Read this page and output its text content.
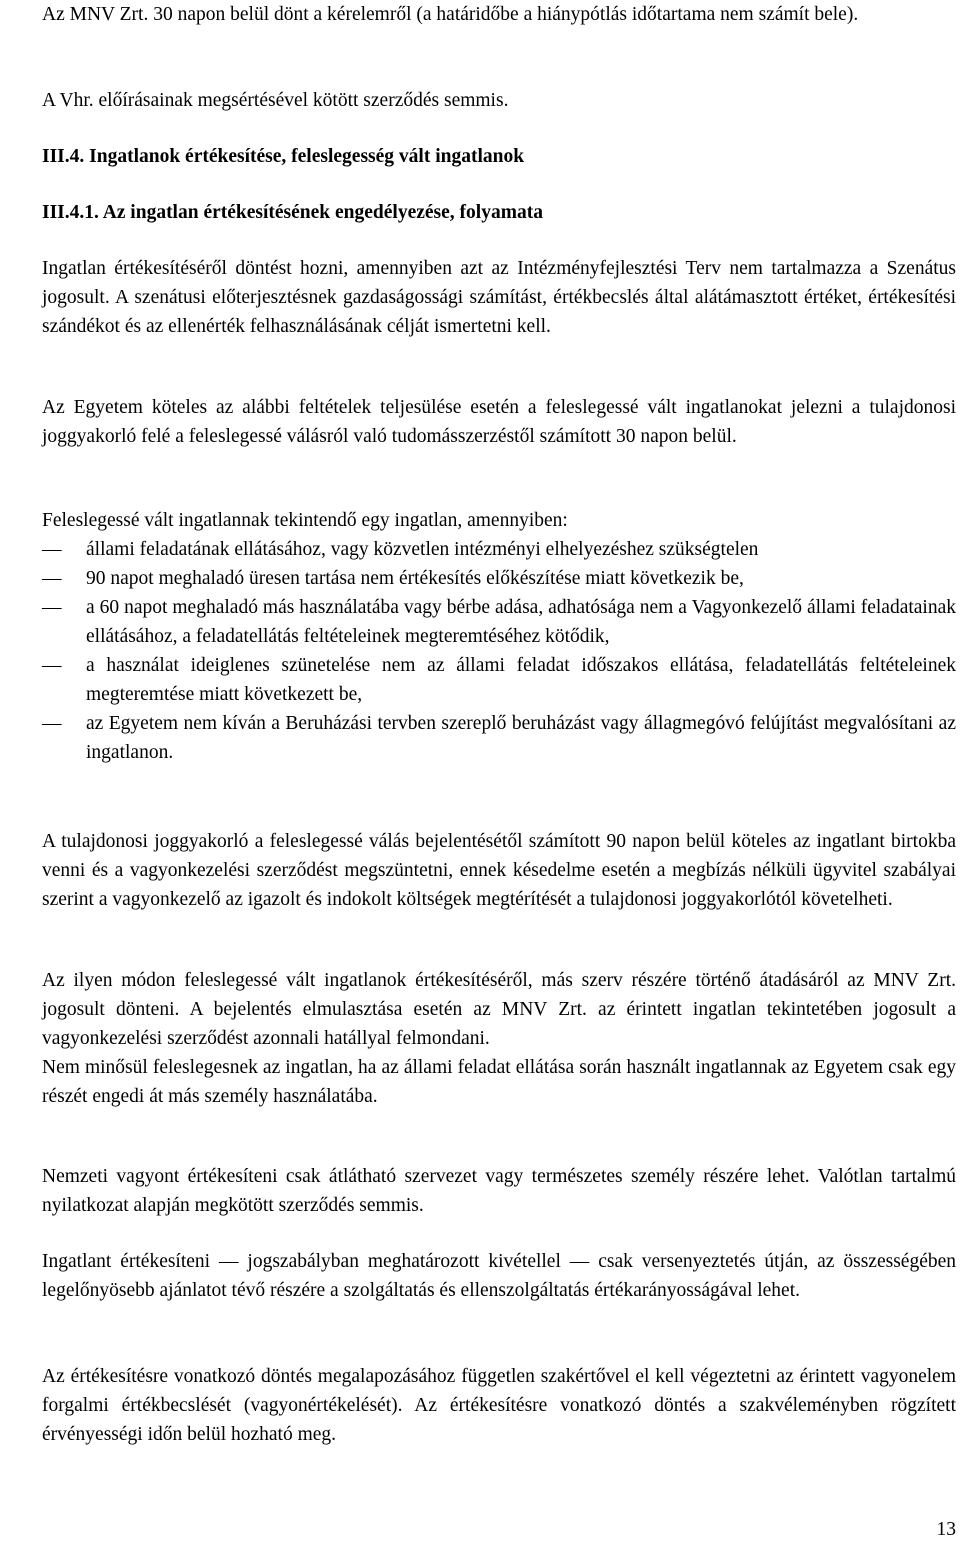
Az MNV Zrt. 30 napon belül dönt a kérelemről (a határidőbe a hiánypótlás időtartama nem számít bele).

A Vhr. előírásainak megsértésével kötött szerződés semmis.

III.4. Ingatlanok értékesítése, feleslegesség vált ingatlanok
III.4.1. Az ingatlan értékesítésének engedélyezése, folyamata

Ingatlan értékesítéséről döntést hozni, amennyiben azt az Intézményfejlesztési Terv nem tartalmazza a Szenátus jogosult. A szenátusi előterjesztésnek gazdaságossági számítást, értékbecslés által alátámasztott értéket, értékesítési szándékot és az ellenérték felhasználásának célját ismertetni kell.

Az Egyetem köteles az alábbi feltételek teljesülése esetén a feleslegessé vált ingatlanokat jelezni a tulajdonosi joggyakorló felé a feleslegessé válásról való tudomásszerzéstől számított 30 napon belül.

Feleslegessé vált ingatlannak tekintendő egy ingatlan, amennyiben:

— állami feladatának ellátásához, vagy közvetlen intézményi elhelyezéshez szükségtelen
— 90 napot meghaladó üresen tartása nem értékesítés előkészítése miatt következik be,
— a 60 napot meghaladó más használatába vagy bérbe adása, adhatósága nem a Vagyonkezelő állami feladatainak ellátásához, a feladatellátás feltételeinek megteremtéséhez kötődik,
— a használat ideiglenes szünetelése nem az állami feladat időszakos ellátása, feladatellátás feltételeinek megteremtése miatt következett be,
— az Egyetem nem kíván a Beruházási tervben szereplő beruházást vagy állagmegóvó felújítást megvalósítani az ingatlanon.

A tulajdonosi joggyakorló a feleslegessé válás bejelentésétől számított 90 napon belül köteles az ingatlant birtokba venni és a vagyonkezelési szerződést megszüntetni, ennek késedelme esetén a megbízás nélküli ügyvitel szabályai szerint a vagyonkezelő az igazolt és indokolt költségek megtérítését a tulajdonosi joggyakorlótól követelheti.

Az ilyen módon feleslegessé vált ingatlanok értékesítéséről, más szerv részére történő átadásáról az MNV Zrt. jogosult dönteni. A bejelentés elmulasztása esetén az MNV Zrt. az érintett ingatlan tekintetében jogosult a vagyonkezelési szerződést azonnali hatállyal felmondani.
Nem minősül feleslegesnek az ingatlan, ha az állami feladat ellátása során használt ingatlannak az Egyetem csak egy részét engedi át más személy használatába.

Nemzeti vagyont értékesíteni csak átlátható szervezet vagy természetes személy részére lehet. Valótlan tartalmú nyilatkozat alapján megkötött szerződés semmis.

Ingatlant értékesíteni — jogszabályban meghatározott kivétellel — csak versenyeztetés útján, az összességében legelőnyösebb ajánlatot tévő részére a szolgáltatás és ellenszolgáltatás értékarányosságával lehet.

Az értékesítésre vonatkozó döntés megalapozásához független szakértővel el kell végeztetni az érintett vagyonelem forgalmi értékbecslését (vagyonértékelését). Az értékesítésre vonatkozó döntés a szakvéleményben rögzített érvényességi időn belül hozható meg.

13
